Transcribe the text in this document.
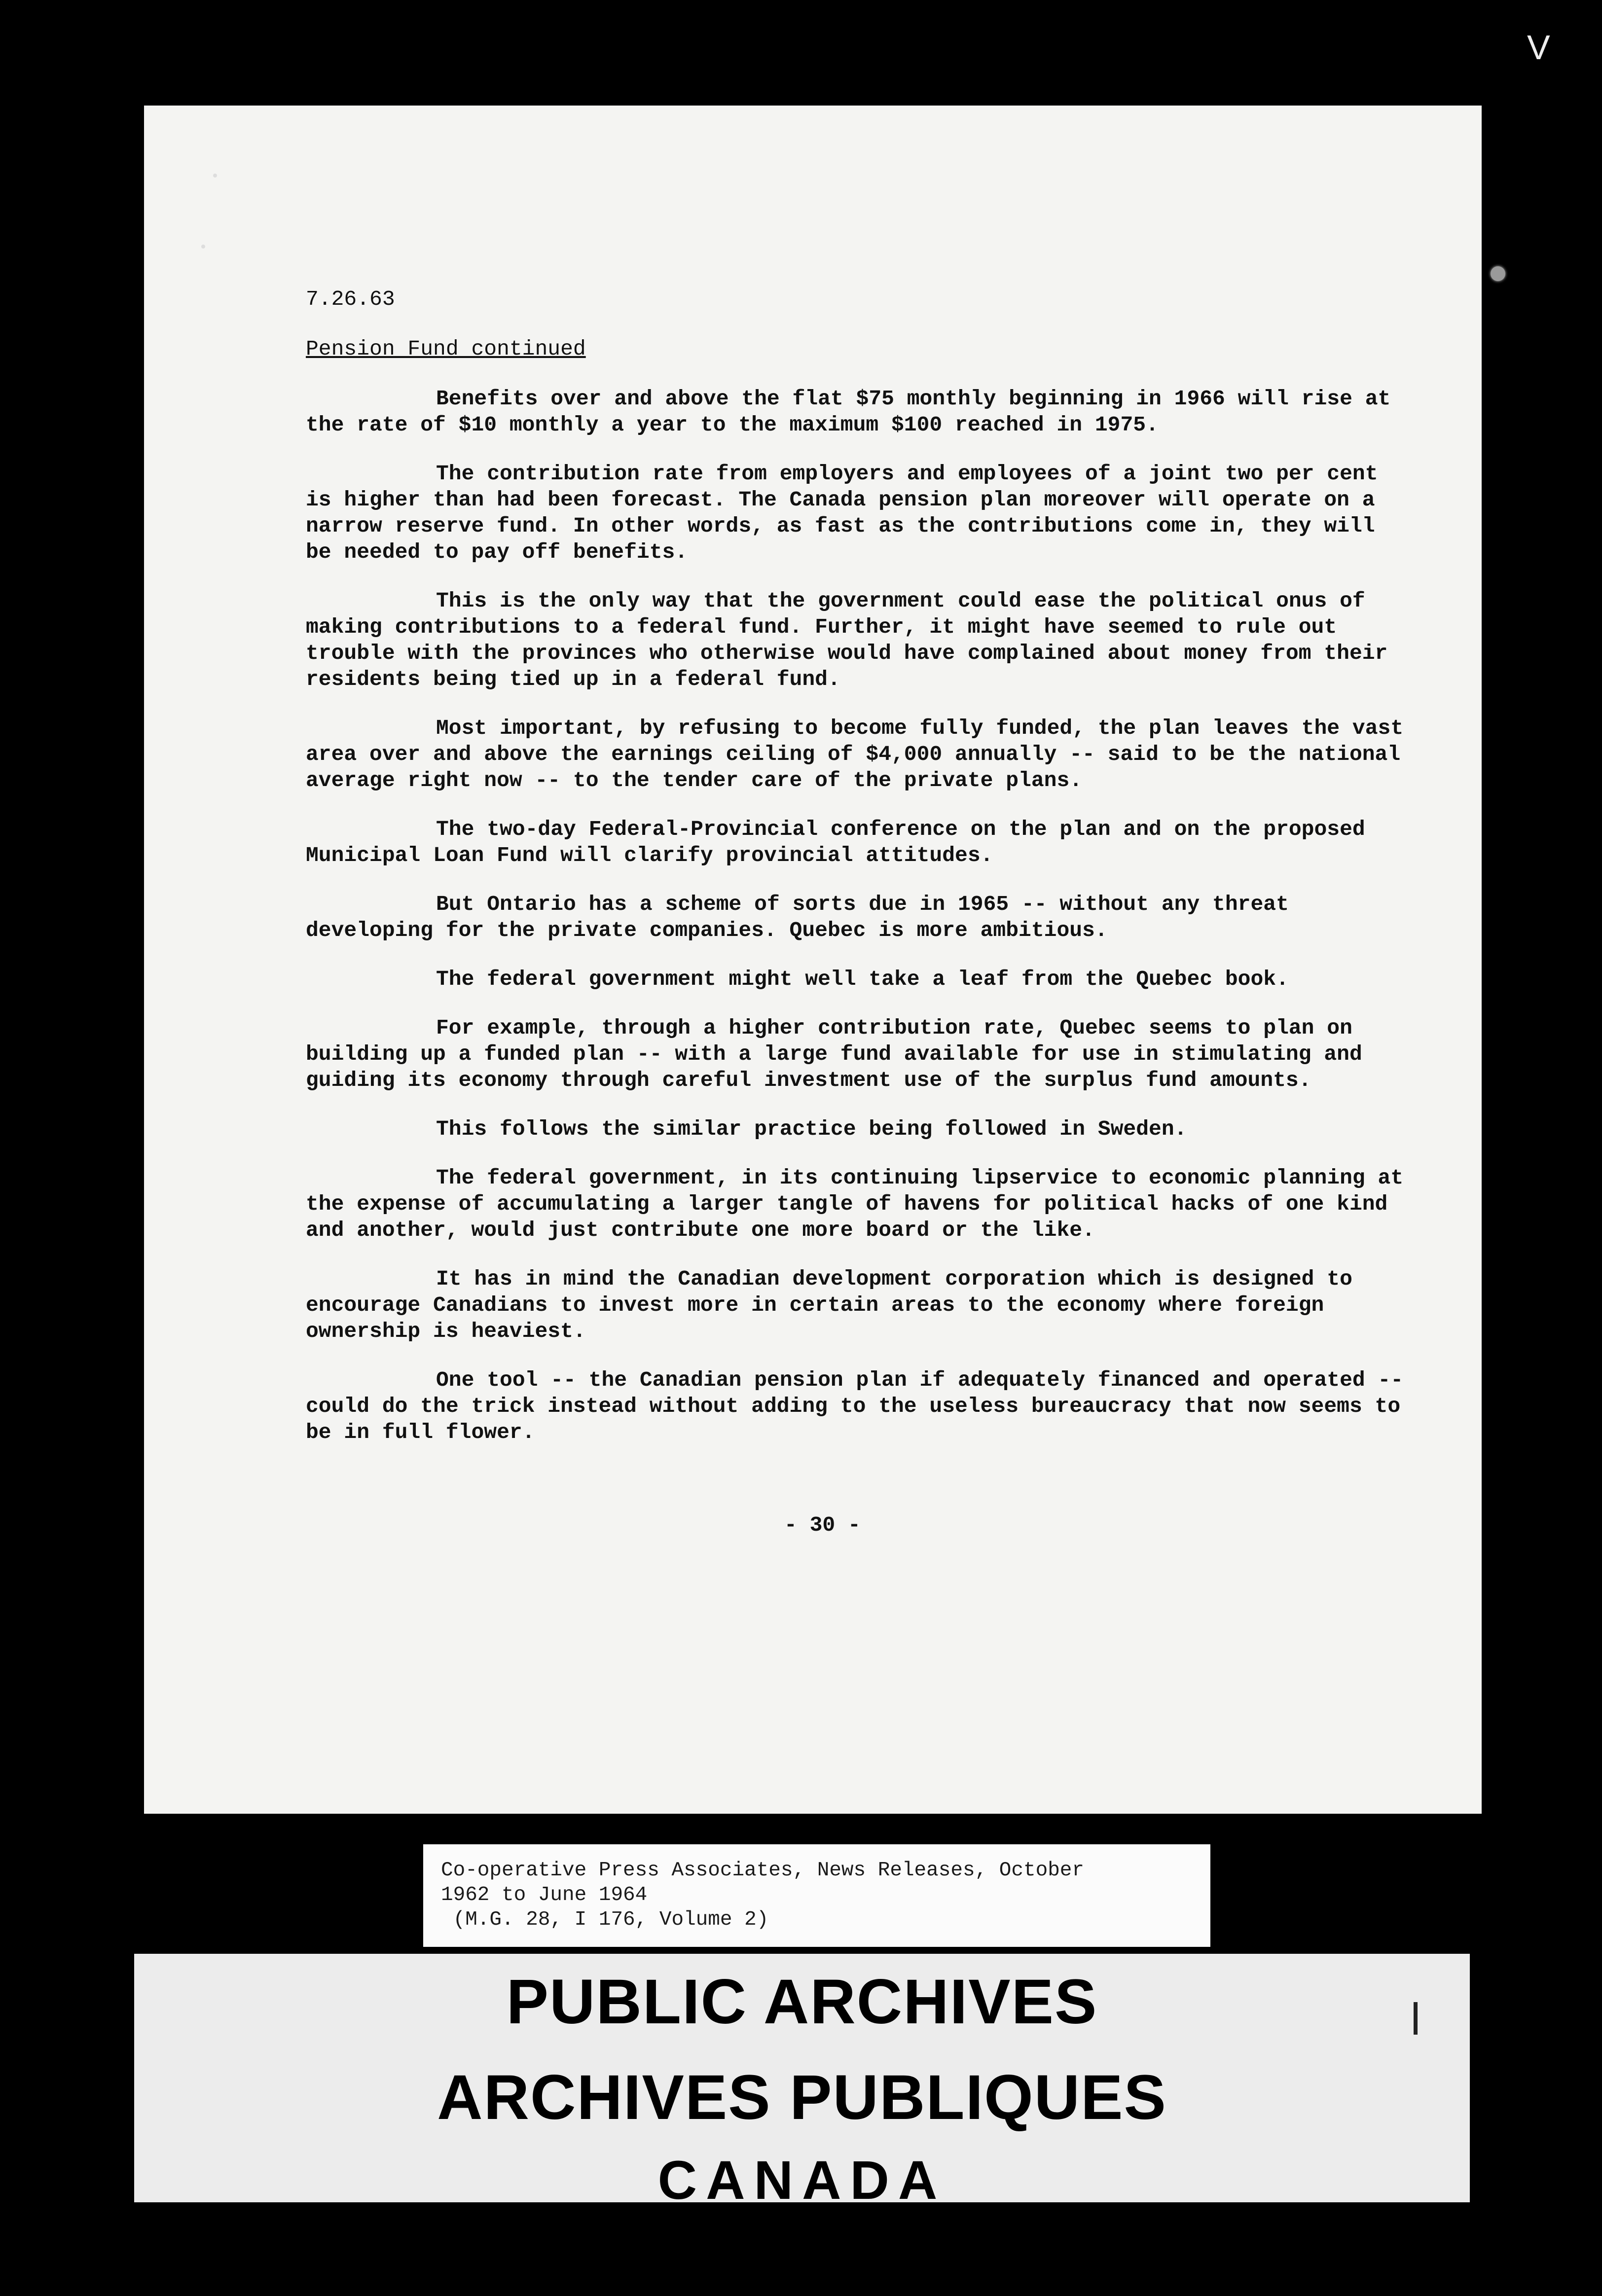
V
7.26.63
Pension Fund continued

Benefits over and above the flat $75 monthly beginning in 1966 will rise at the rate of $10 monthly a year to the maximum $100 reached in 1975.

The contribution rate from employers and employees of a joint two per cent is higher than had been forecast. The Canada pension plan moreover will operate on a narrow reserve fund. In other words, as fast as the contributions come in, they will be needed to pay off benefits.

This is the only way that the government could ease the political onus of making contributions to a federal fund. Further, it might have seemed to rule out trouble with the provinces who otherwise would have complained about money from their residents being tied up in a federal fund.

Most important, by refusing to become fully funded, the plan leaves the vast area over and above the earnings ceiling of $4,000 annually -- said to be the national average right now -- to the tender care of the private plans.

The two-day Federal-Provincial conference on the plan and on the proposed Municipal Loan Fund will clarify provincial attitudes.

But Ontario has a scheme of sorts due in 1965 -- without any threat developing for the private companies. Quebec is more ambitious.

The federal government might well take a leaf from the Quebec book.

For example, through a higher contribution rate, Quebec seems to plan on building up a funded plan -- with a large fund available for use in stimulating and guiding its economy through careful investment use of the surplus fund amounts.

This follows the similar practice being followed in Sweden.

The federal government, in its continuing lipservice to economic planning at the expense of accumulating a larger tangle of havens for political hacks of one kind and another, would just contribute one more board or the like.

It has in mind the Canadian development corporation which is designed to encourage Canadians to invest more in certain areas to the economy where foreign ownership is heaviest.

One tool -- the Canadian pension plan if adequately financed and operated -- could do the trick instead without adding to the useless bureaucracy that now seems to be in full flower.

- 30 -
Co-operative Press Associates, News Releases, October
1962 to June 1964
(M.G. 28, I 176, Volume 2)
PUBLIC ARCHIVES
ARCHIVES PUBLIQUES
CANADA
